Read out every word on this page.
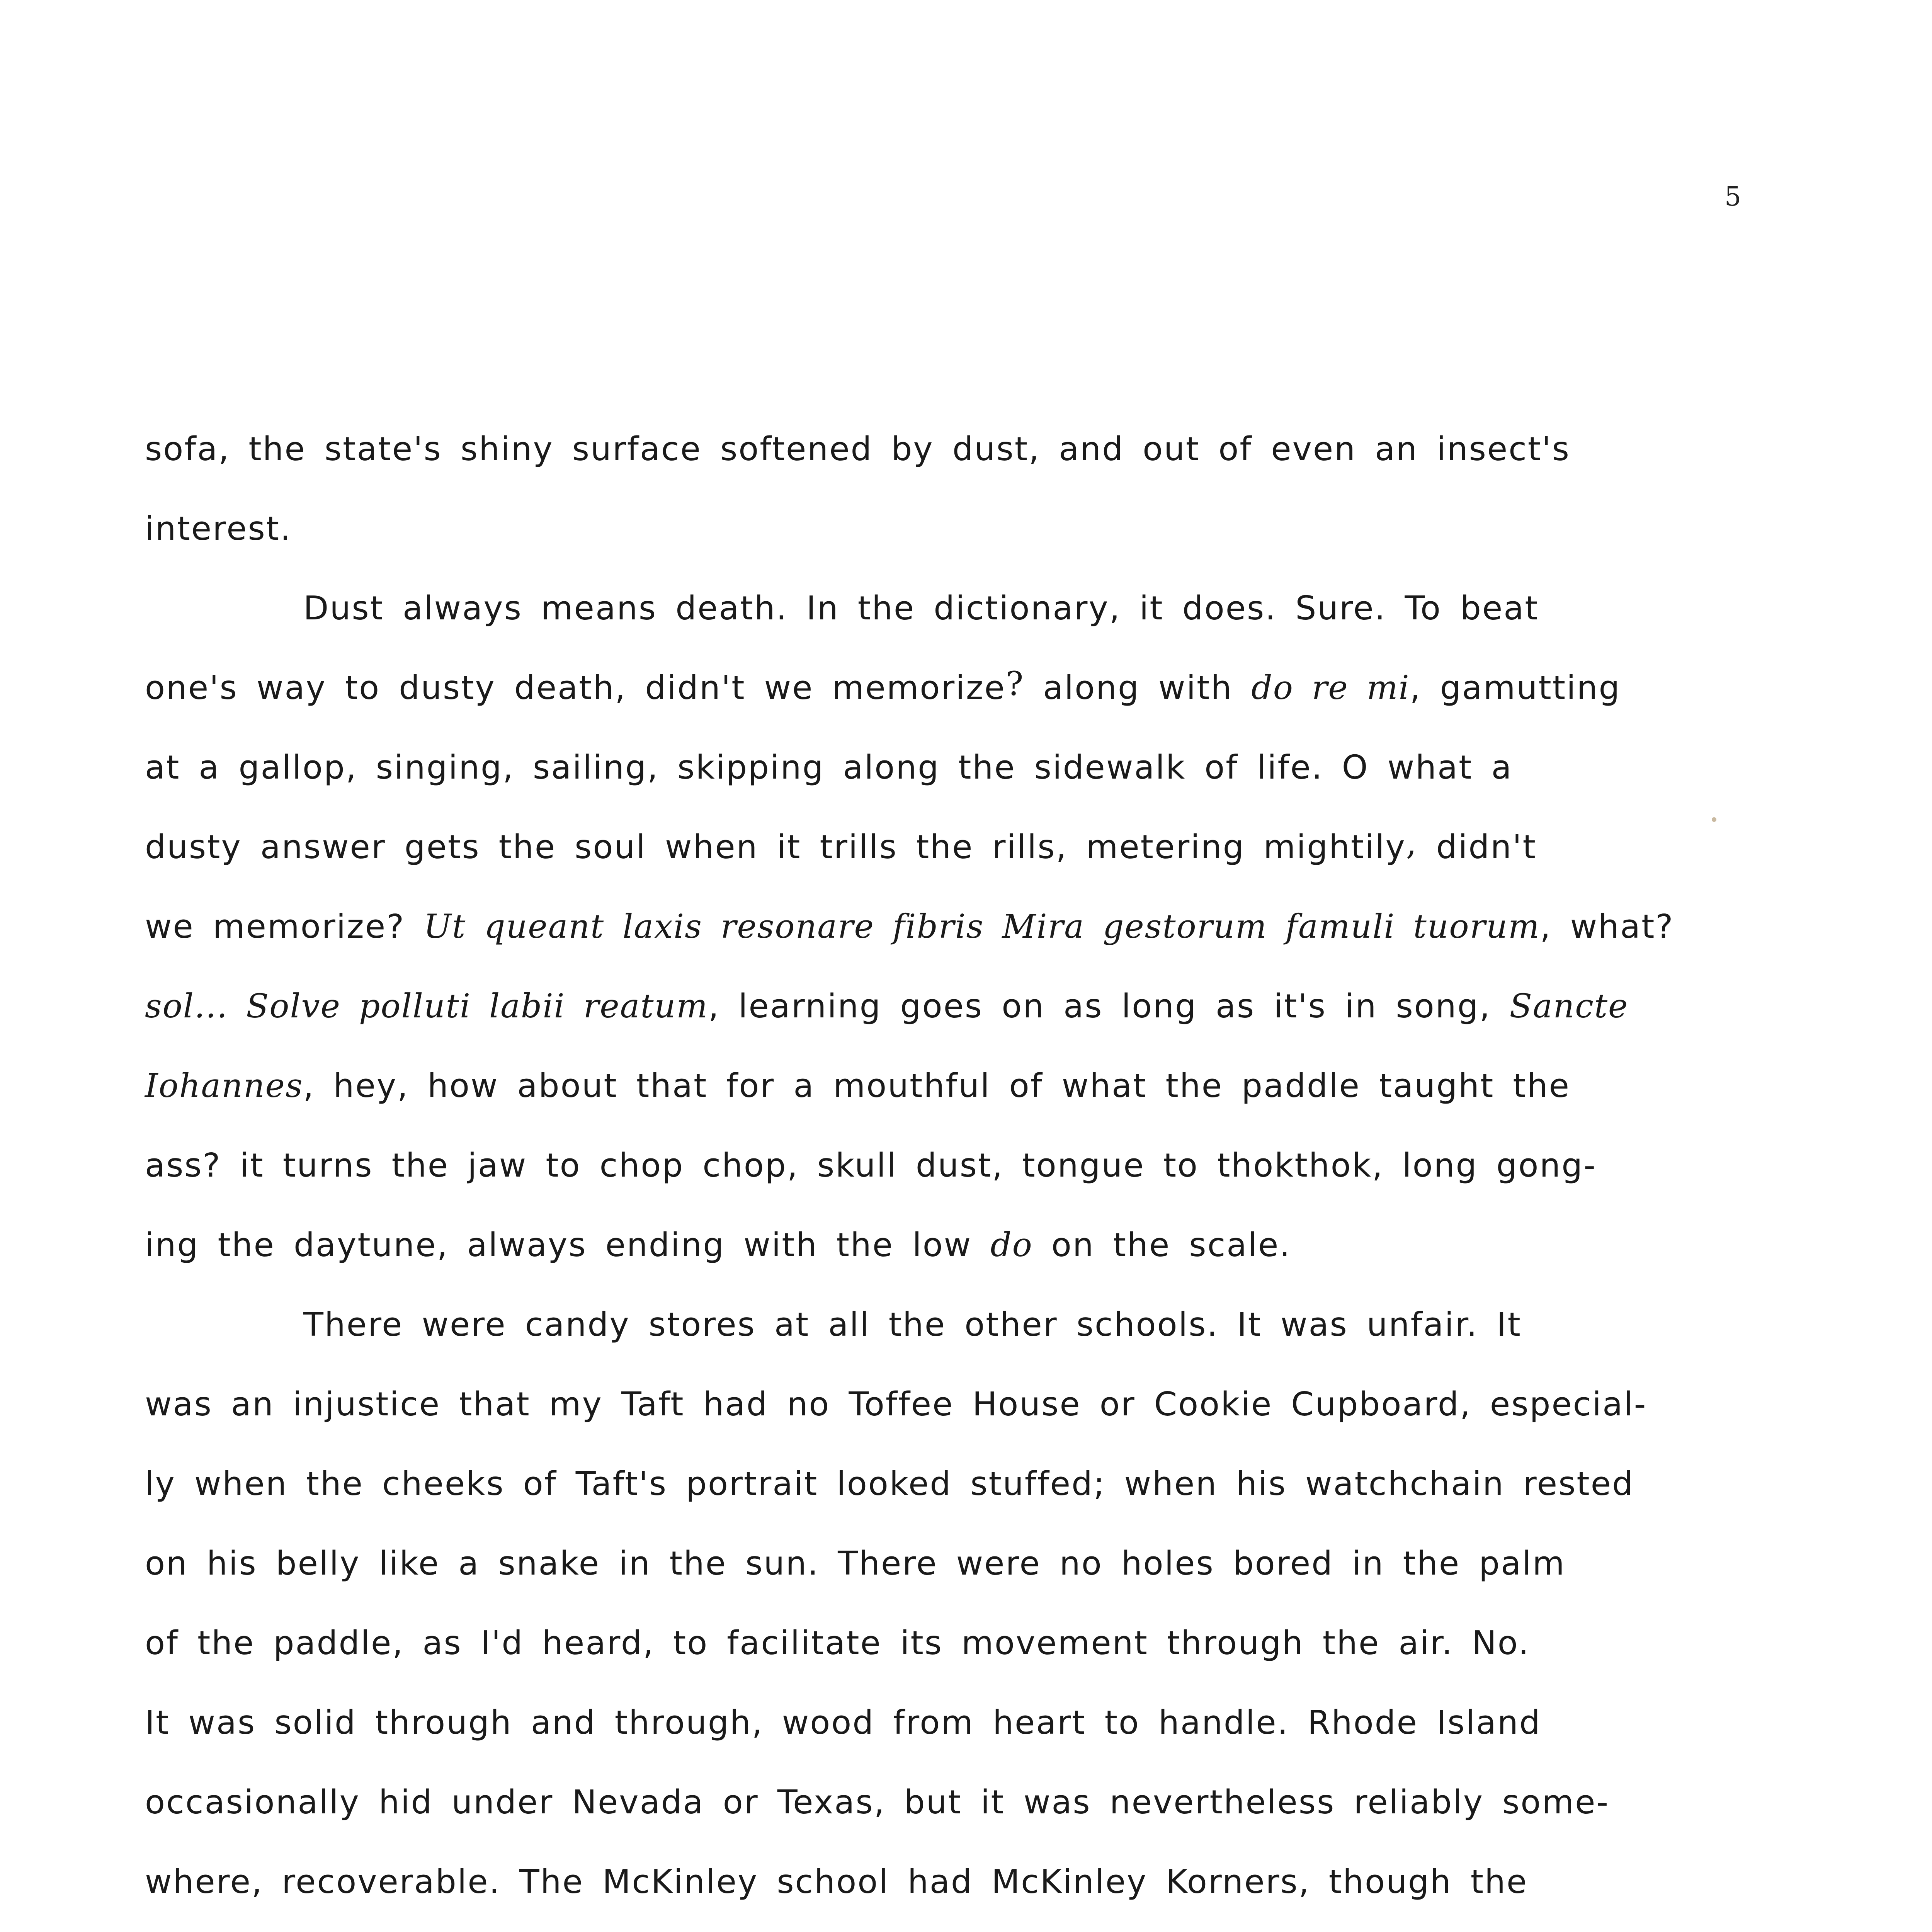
5
sofa, the state's shiny surface softened by dust, and out of even an insect's
interest.
Dust always means death. In the dictionary, it does. Sure. To beat
one's way to dusty death, didn't we memorize? along with do re mi, gamutting
at a gallop, singing, sailing, skipping along the sidewalk of life. O what a
dusty answer gets the soul when it trills the rills, metering mightily, didn't
we memorize? Ut queant laxis resonare fibris Mira gestorum famuli tuorum, what?
sol... Solve polluti labii reatum, learning goes on as long as it's in song, Sancte
Iohannes, hey, how about that for a mouthful of what the paddle taught the
ass? it turns the jaw to chop chop, skull dust, tongue to thokthok, long gong-
ing the daytune, always ending with the low do on the scale.
There were candy stores at all the other schools. It was unfair. It
was an injustice that my Taft had no Toffee House or Cookie Cupboard, especial-
ly when the cheeks of Taft's portrait looked stuffed; when his watchchain rested
on his belly like a snake in the sun. There were no holes bored in the palm
of the paddle, as I'd heard, to facilitate its movement through the air. No.
It was solid through and through, wood from heart to handle. Rhode Island
occasionally hid under Nevada or Texas, but it was nevertheless reliably some-
where, recoverable. The McKinley school had McKinley Korners, though the
